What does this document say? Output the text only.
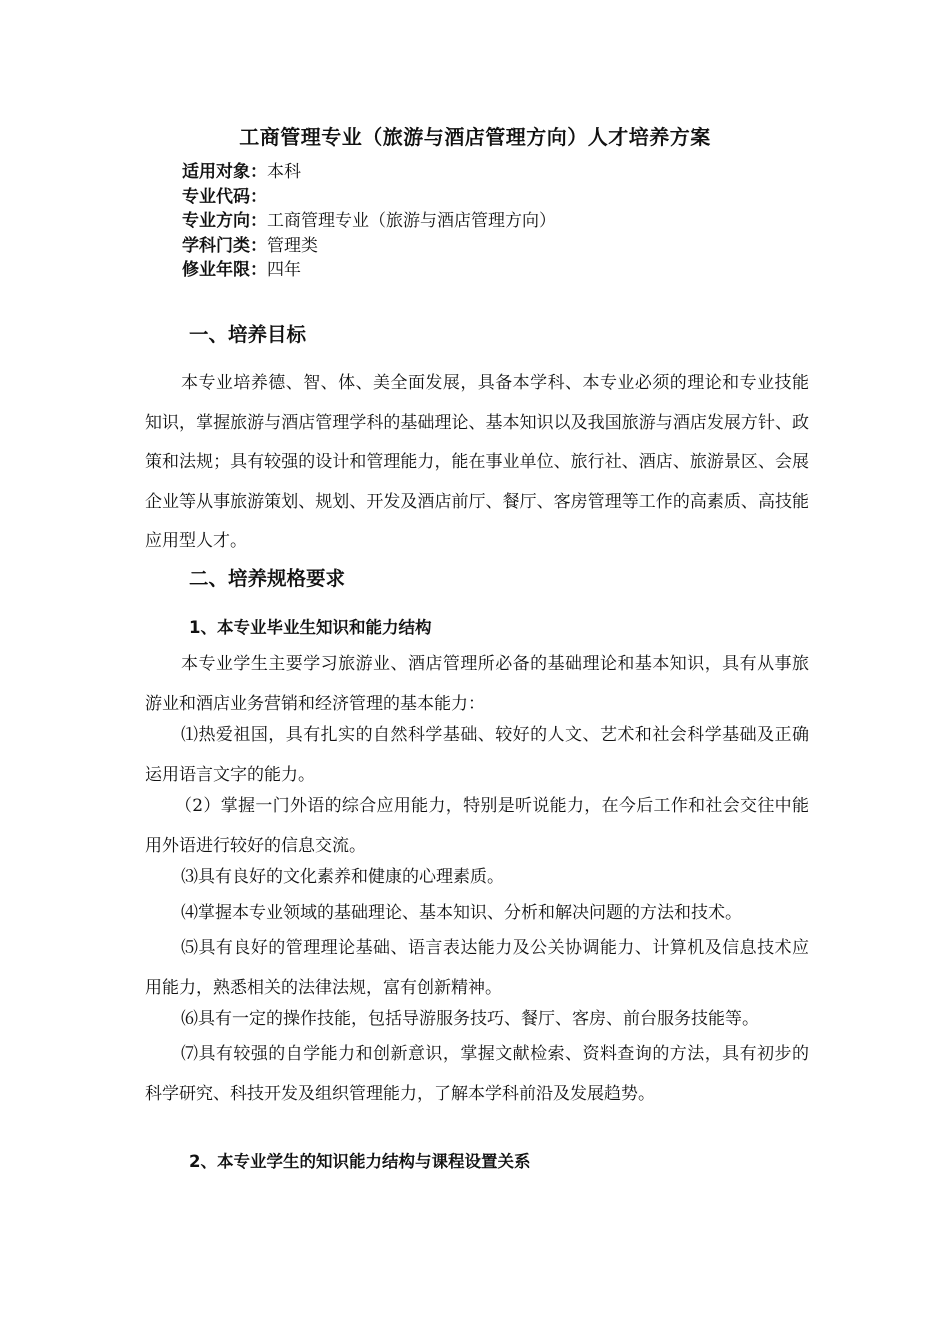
工商管理专业（旅游与酒店管理方向）人才培养方案
适用对象：本科
专业代码：
专业方向：工商管理专业（旅游与酒店管理方向）
学科门类：管理类
修业年限：四年
一、培养目标
本专业培养德、智、体、美全面发展，具备本学科、本专业必须的理论和专业技能知识，掌握旅游与酒店管理学科的基础理论、基本知识以及我国旅游与酒店发展方针、政策和法规；具有较强的设计和管理能力，能在事业单位、旅行社、酒店、旅游景区、会展企业等从事旅游策划、规划、开发及酒店前厅、餐厅、客房管理等工作的高素质、高技能应用型人才。
二、培养规格要求
1、本专业毕业生知识和能力结构
本专业学生主要学习旅游业、酒店管理所必备的基础理论和基本知识，具有从事旅游业和酒店业务营销和经济管理的基本能力：
⑴热爱祖国，具有扎实的自然科学基础、较好的人文、艺术和社会科学基础及正确运用语言文字的能力。
（2）掌握一门外语的综合应用能力，特别是听说能力，在今后工作和社会交往中能用外语进行较好的信息交流。
⑶具有良好的文化素养和健康的心理素质。
⑷掌握本专业领域的基础理论、基本知识、分析和解决问题的方法和技术。
⑸具有良好的管理理论基础、语言表达能力及公关协调能力、计算机及信息技术应用能力，熟悉相关的法律法规，富有创新精神。
⑹具有一定的操作技能，包括导游服务技巧、餐厅、客房、前台服务技能等。
⑺具有较强的自学能力和创新意识，掌握文献检索、资料查询的方法，具有初步的科学研究、科技开发及组织管理能力，了解本学科前沿及发展趋势。
2、本专业学生的知识能力结构与课程设置关系
